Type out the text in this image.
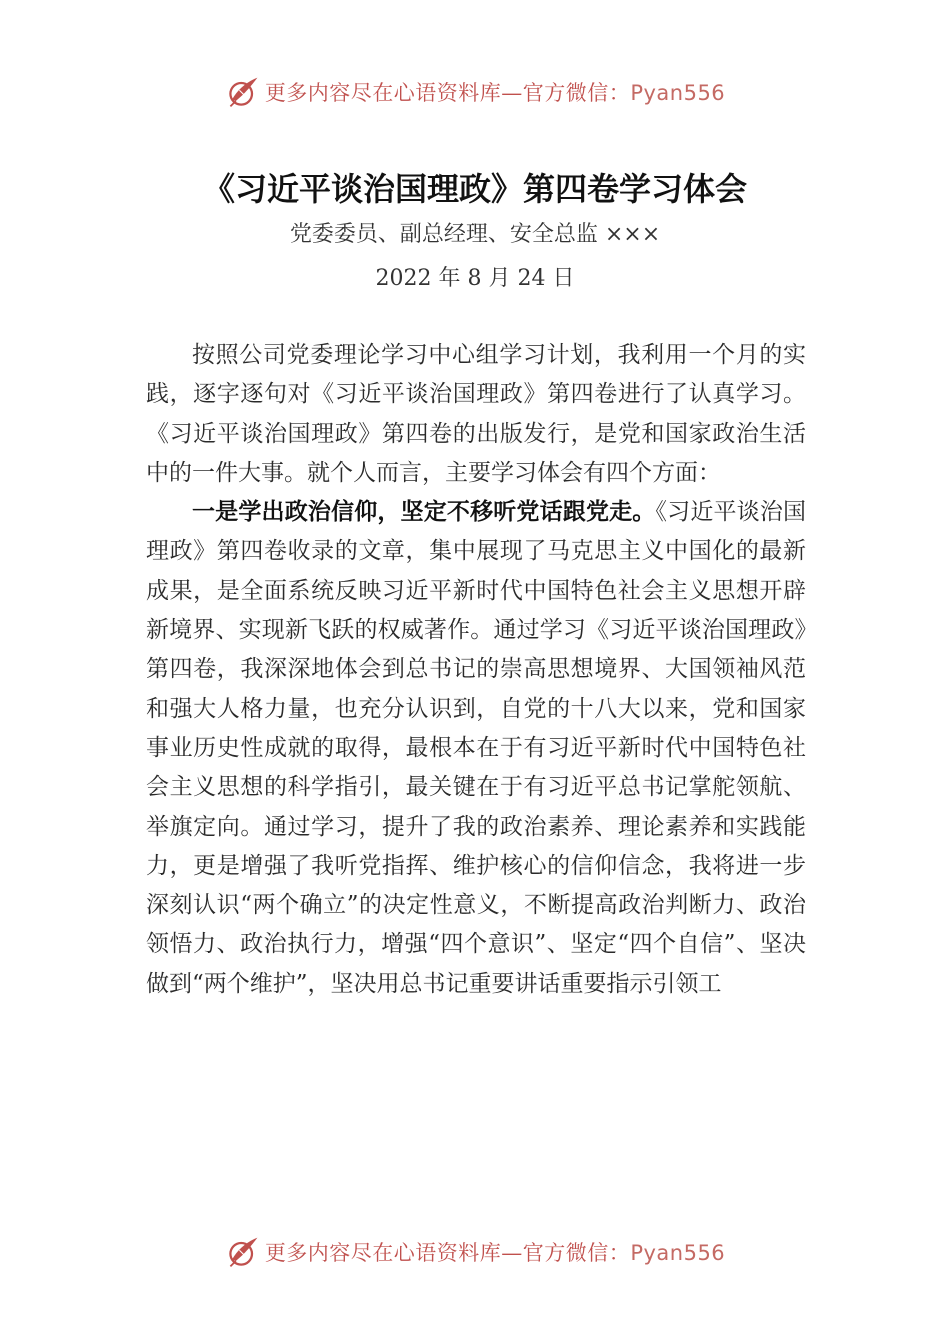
更多内容尽在心语资料库—官方微信：Pyan556
《习近平谈治国理政》第四卷学习体会
党委委员、副总经理、安全总监 ×××
2022 年 8 月 24 日

按照公司党委理论学习中心组学习计划，我利用一个月的实践，逐字逐句对《习近平谈治国理政》第四卷进行了认真学习。《习近平谈治国理政》第四卷的出版发行，是党和国家政治生活中的一件大事。就个人而言，主要学习体会有四个方面：

一是学出政治信仰，坚定不移听党话跟党走。《习近平谈治国理政》第四卷收录的文章，集中展现了马克思主义中国化的最新成果，是全面系统反映习近平新时代中国特色社会主义思想开辟新境界、实现新飞跃的权威著作。通过学习《习近平谈治国理政》第四卷，我深深地体会到总书记的崇高思想境界、大国领袖风范和强大人格力量，也充分认识到，自党的十八大以来，党和国家事业历史性成就的取得，最根本在于有习近平新时代中国特色社会主义思想的科学指引，最关键在于有习近平总书记掌舵领航、举旗定向。通过学习，提升了我的政治素养、理论素养和实践能力，更是增强了我听党指挥、维护核心的信仰信念，我将进一步深刻认识“两个确立”的决定性意义，不断提高政治判断力、政治领悟力、政治执行力，增强“四个意识”、坚定“四个自信”、坚决做到“两个维护”，坚决用总书记重要讲话重要指示引领工

更多内容尽在心语资料库—官方微信：Pyan556
